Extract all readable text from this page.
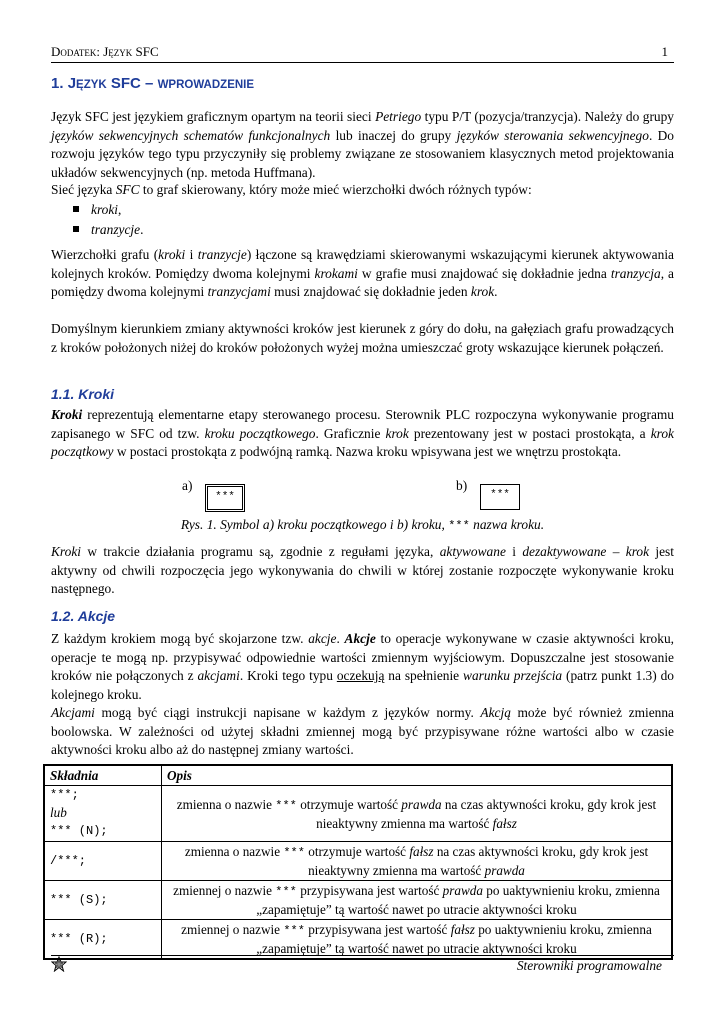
Dodatek: Język SFC	1
1. JĘZYK SFC – WPROWADZENIE

Język SFC jest językiem graficznym opartym na teorii sieci Petriego typu P/T (pozycja/tranzycja). Należy do grupy języków sekwencyjnych schematów funkcjonalnych lub inaczej do grupy języków sterowania sekwencyjnego. Do rozwoju języków tego typu przyczyniły się problemy związane ze stosowaniem klasycznych metod projektowania układów sekwencyjnych (np. metoda Huffmana).

Sieć języka SFC to graf skierowany, który może mieć wierzchołki dwóch różnych typów:

kroki,
tranzycje.

Wierzchołki grafu (kroki i tranzycje) łączone są krawędziami skierowanymi wskazującymi kierunek aktywowania kolejnych kroków. Pomiędzy dwoma kolejnymi krokami w grafie musi znajdować się dokładnie jedna tranzycja, a pomiędzy dwoma kolejnymi tranzycjami musi znajdować się dokładnie jeden krok.

Domyślnym kierunkiem zmiany aktywności kroków jest kierunek z góry do dołu, na gałęziach grafu prowadzących z kroków położonych niżej do kroków położonych wyżej można umieszczać groty wskazujące kierunek połączeń.

1.1. Kroki

Kroki reprezentują elementarne etapy sterowanego procesu. Sterownik PLC rozpoczyna wykonywanie programu zapisanego w SFC od tzw. kroku początkowego. Graficznie krok prezentowany jest w postaci prostokąta, a krok początkowy w postaci prostokąta z podwójną ramką. Nazwa kroku wpisywana jest we wnętrzu prostokąta.

a)
***
b)
***
Rys. 1. Symbol a) kroku początkowego i b) kroku, *** nazwa kroku.

Kroki w trakcie działania programu są, zgodnie z regułami języka, aktywowane i dezaktywowane – krok jest aktywny od chwili rozpoczęcia jego wykonywania do chwili w której zostanie rozpoczęte wykonywanie kroku następnego.

1.2. Akcje

Z każdym krokiem mogą być skojarzone tzw. akcje. Akcje to operacje wykonywane w czasie aktywności kroku, operacje te mogą np. przypisywać odpowiednie wartości zmiennym wyjściowym. Dopuszczalne jest stosowanie kroków nie połączonych z akcjami. Kroki tego typu oczekują na spełnienie warunku przejścia (patrz punkt 1.3) do kolejnego kroku.

Akcjami mogą być ciągi instrukcji napisane w każdym z języków normy. Akcją może być również zmienna boolowska. W zależności od użytej składni zmiennej mogą być przypisywane różne wartości albo w czasie aktywności kroku albo aż do następnej zmiany wartości.

Składnia	Opis
***;
lub
*** (N);	zmienna o nazwie *** otrzymuje wartość prawda na czas aktywności kroku, gdy krok jest nieaktywny zmienna ma wartość fałsz
/***;	zmienna o nazwie *** otrzymuje wartość fałsz na czas aktywności kroku, gdy krok jest nieaktywny zmienna ma wartość prawda
*** (S);	zmiennej o nazwie *** przypisywana jest wartość prawda po uaktywnieniu kroku, zmienna „zapamiętuje” tą wartość nawet po utracie aktywności kroku
*** (R);	zmiennej o nazwie *** przypisywana jest wartość fałsz po uaktywnieniu kroku, zmienna „zapamiętuje” tą wartość nawet po utracie aktywności kroku
Sterowniki programowalne
